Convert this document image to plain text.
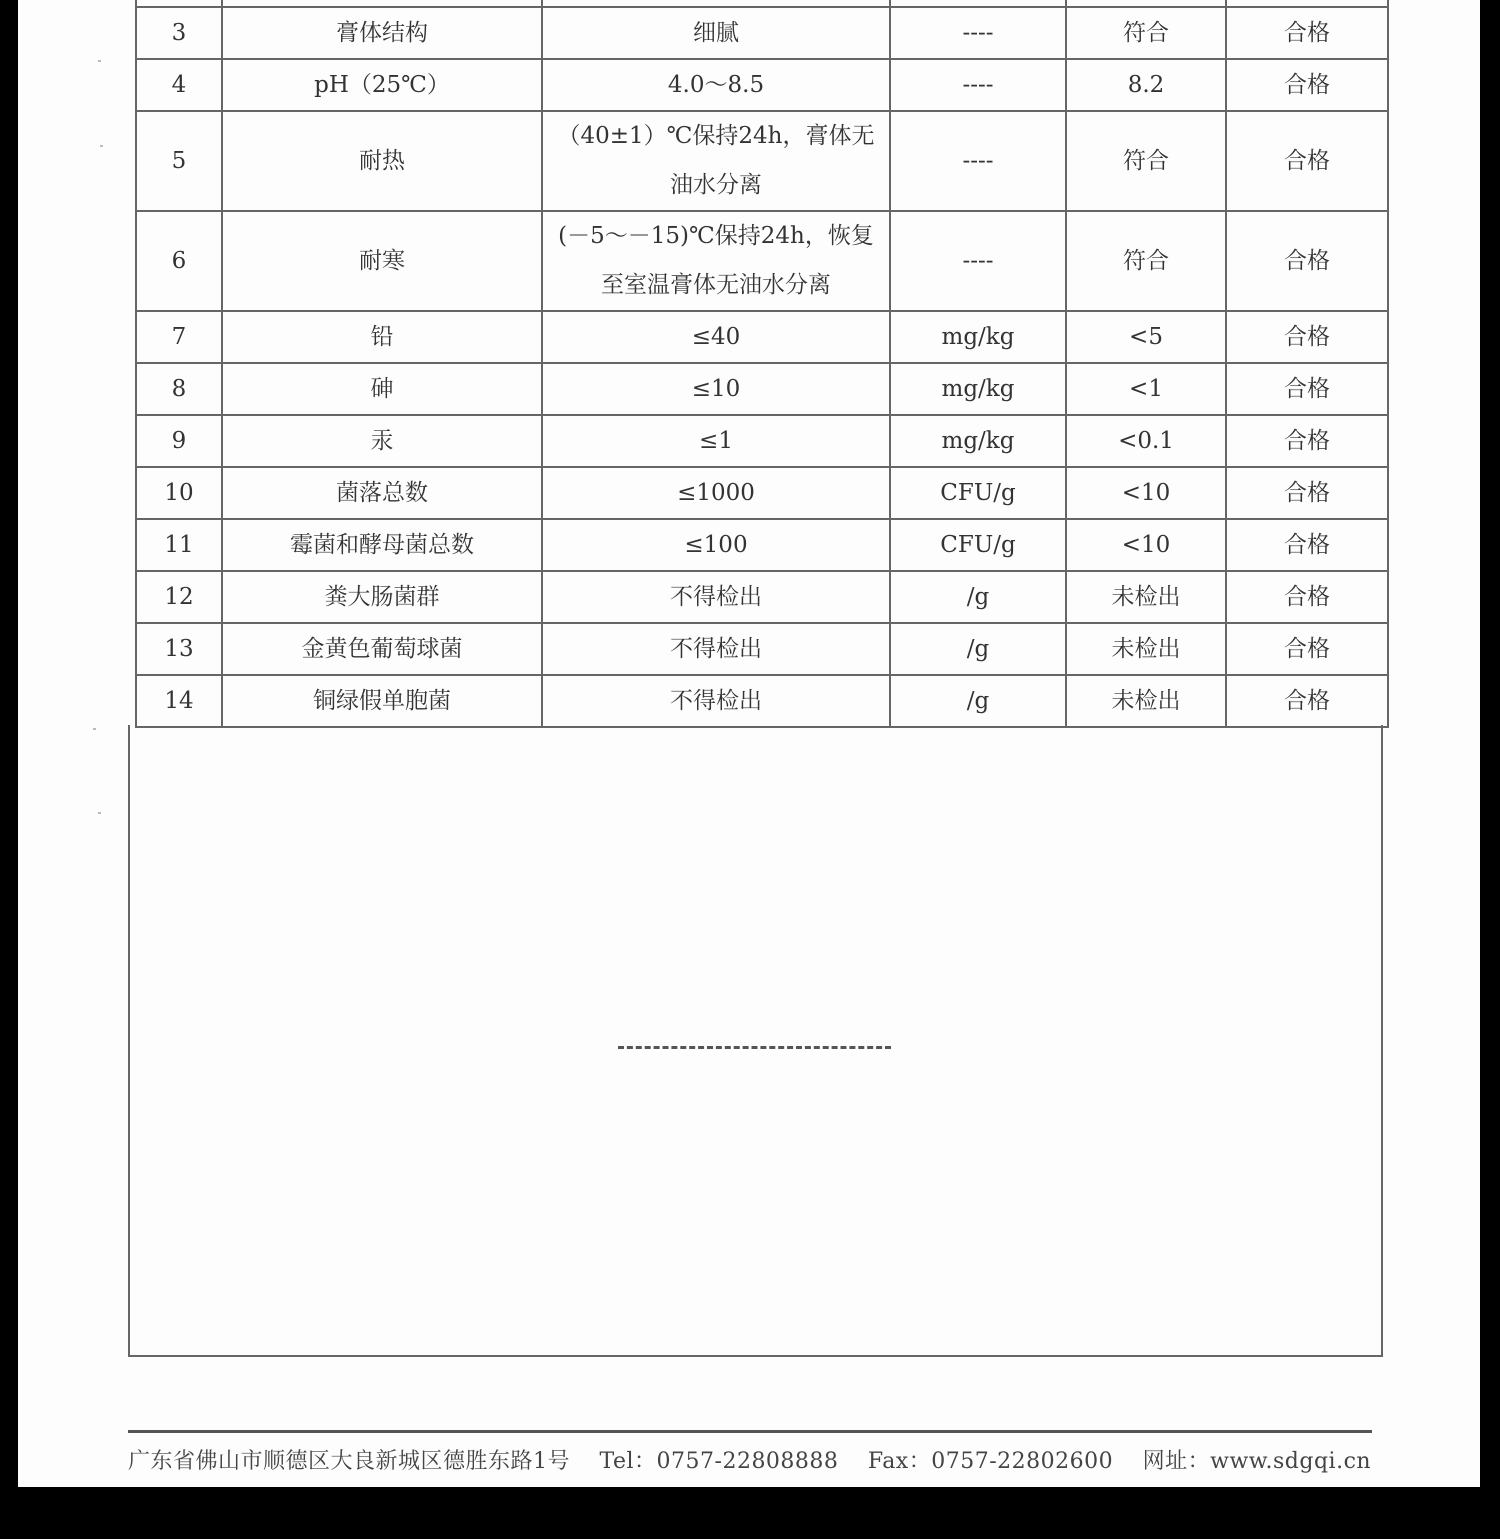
3	膏体结构	细腻	----	符合	合格
4	pH（25℃）	4.0～8.5	----	8.2	合格
5	耐热	（40±1）℃保持24h，膏体无油水分离	----	符合	合格
6	耐寒	(－5～－15)℃保持24h，恢复至室温膏体无油水分离	----	符合	合格
7	铅	≤40	mg/kg	<5	合格
8	砷	≤10	mg/kg	<1	合格
9	汞	≤1	mg/kg	<0.1	合格
10	菌落总数	≤1000	CFU/g	<10	合格
11	霉菌和酵母菌总数	≤100	CFU/g	<10	合格
12	粪大肠菌群	不得检出	/g	未检出	合格
13	金黄色葡萄球菌	不得检出	/g	未检出	合格
14	铜绿假单胞菌	不得检出	/g	未检出	合格
广东省佛山市顺德区大良新城区德胜东路1号 Tel：0757-22808888 Fax：0757-22802600 网址：www.sdgqi.cn
